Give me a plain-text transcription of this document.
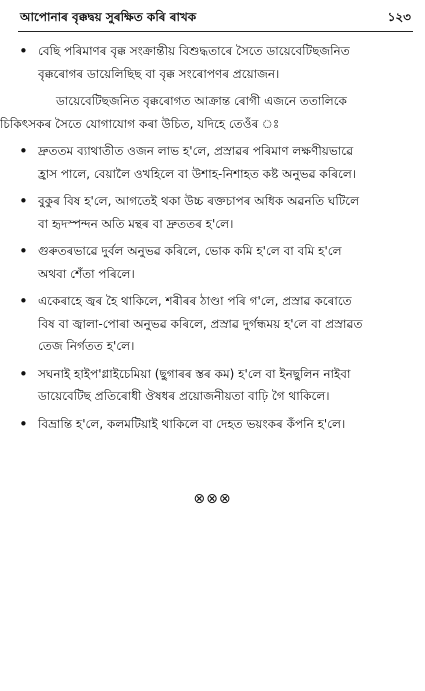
আপোনাৰ বৃক্কদ্বয় সুৰক্ষিত কৰি ৰাখক	১২৩
• বেছি পৰিমাণৰ বৃক্ক সংক্ৰান্তীয় বিশুদ্ধতাৰে সৈতে ডায়েবেটিছজনিত
বৃক্কৰোগৰ ডায়েলিছিছ বা বৃক্ক সংৰোপণৰ প্ৰয়োজন।
ডায়েবেটিছজনিত বৃক্কৰোগত আক্ৰান্ত ৰোগী এজনে ততালিকে
চিকিৎসকৰ সৈতে যোগাযোগ কৰা উচিত, যদিহে তেওঁৰ ঃ
• দ্ৰুততম ব্যাথাতীত ওজন লাভ হ'লে, প্ৰস্ৰাৱৰ পৰিমাণ লক্ষণীয়ভাৱে
হ্ৰাস পালে, বেয়ালৈ ওখহিলে বা উশাহ-নিশাহত কষ্ট অনুভৱ কৰিলে।
• বুকুৰ বিষ হ'লে, আগতেই থকা উচ্চ ৰক্তচাপৰ অধিক অৱনতি ঘটিলে
বা হৃদস্পন্দন অতি মন্থৰ বা দ্ৰুততৰ হ'লে।
• গুৰুতৰভাৱে দুৰ্বল অনুভৱ কৰিলে, ভোক কমি হ'লে বা বমি হ'লে
অথবা শেঁতা পৰিলে।
• একেৰাহে জ্বৰ হৈ থাকিলে, শৰীৰৰ ঠাণ্ডা পৰি গ'লে, প্ৰস্ৰাৱ কৰোতে
বিষ বা জ্বালা-পোৰা অনুভৱ কৰিলে, প্ৰস্ৰাৱ দুৰ্গন্ধময় হ'লে বা প্ৰস্ৰাৱত
তেজ নিৰ্গতত হ'লে।
• সঘনাই হাইপ'গ্লাইচেমিয়া (ছুগাৰৰ স্তৰ কম) হ'লে বা ইনছুলিন নাইবা
ডায়েবেটিছ প্ৰতিৰোধী ঔষধৰ প্ৰয়োজনীয়তা বাঢ়ি গৈ থাকিলে।
• বিভ্ৰান্তি হ'লে, কলমটিয়াই থাকিলে বা দেহত ভয়ংকৰ কঁপনি হ'লে।
⊗⊗⊗
